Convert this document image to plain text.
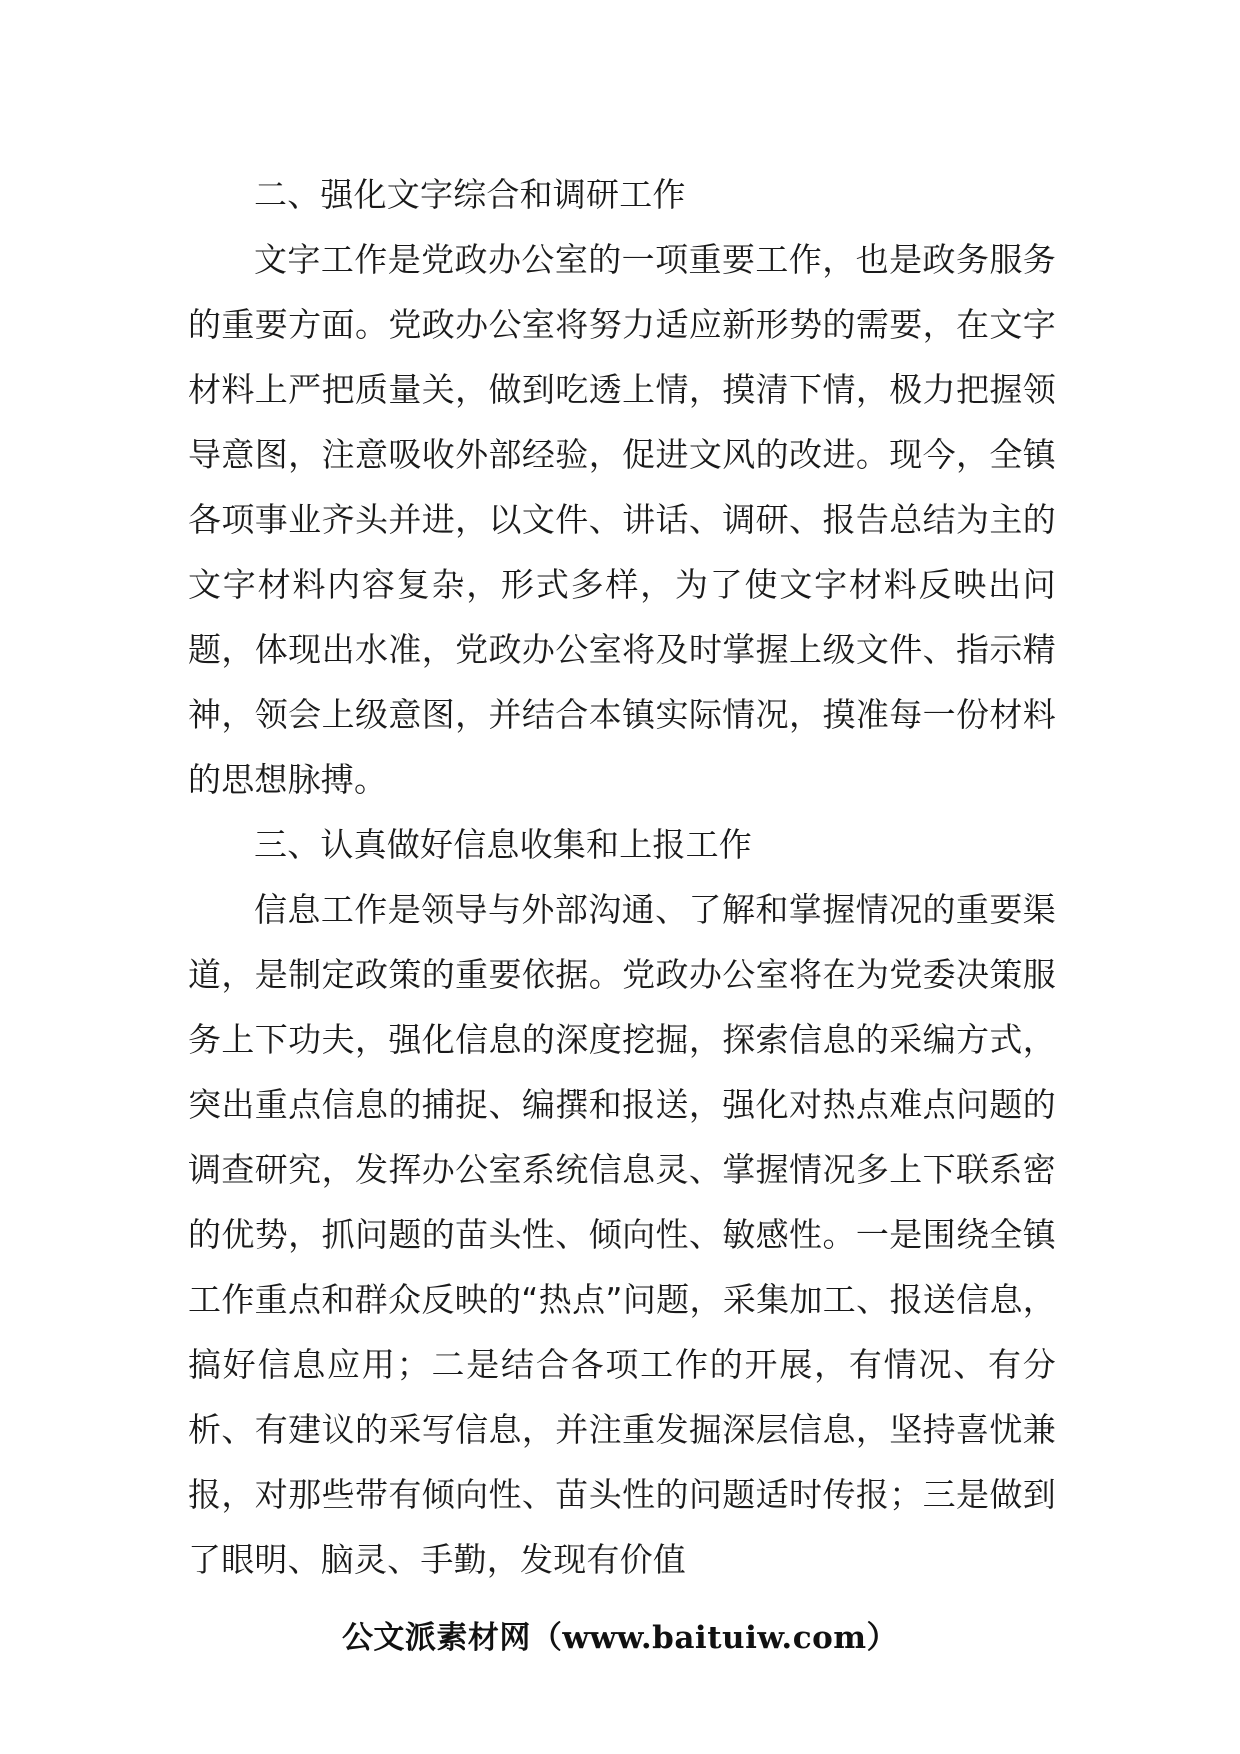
二、强化文字综合和调研工作

文字工作是党政办公室的一项重要工作，也是政务服务的重要方面。党政办公室将努力适应新形势的需要，在文字材料上严把质量关，做到吃透上情，摸清下情，极力把握领导意图，注意吸收外部经验，促进文风的改进。现今，全镇各项事业齐头并进，以文件、讲话、调研、报告总结为主的文字材料内容复杂，形式多样，为了使文字材料反映出问题，体现出水准，党政办公室将及时掌握上级文件、指示精神，领会上级意图，并结合本镇实际情况，摸准每一份材料的思想脉搏。

三、认真做好信息收集和上报工作

信息工作是领导与外部沟通、了解和掌握情况的重要渠道，是制定政策的重要依据。党政办公室将在为党委决策服务上下功夫，强化信息的深度挖掘，探索信息的采编方式，突出重点信息的捕捉、编撰和报送，强化对热点难点问题的调查研究，发挥办公室系统信息灵、掌握情况多上下联系密的优势，抓问题的苗头性、倾向性、敏感性。一是围绕全镇工作重点和群众反映的“热点”问题，采集加工、报送信息，搞好信息应用；二是结合各项工作的开展，有情况、有分析、有建议的采写信息，并注重发掘深层信息，坚持喜忧兼报，对那些带有倾向性、苗头性的问题适时传报；三是做到了眼明、脑灵、手勤，发现有价值

公文派素材网（www.baituiw.com）
